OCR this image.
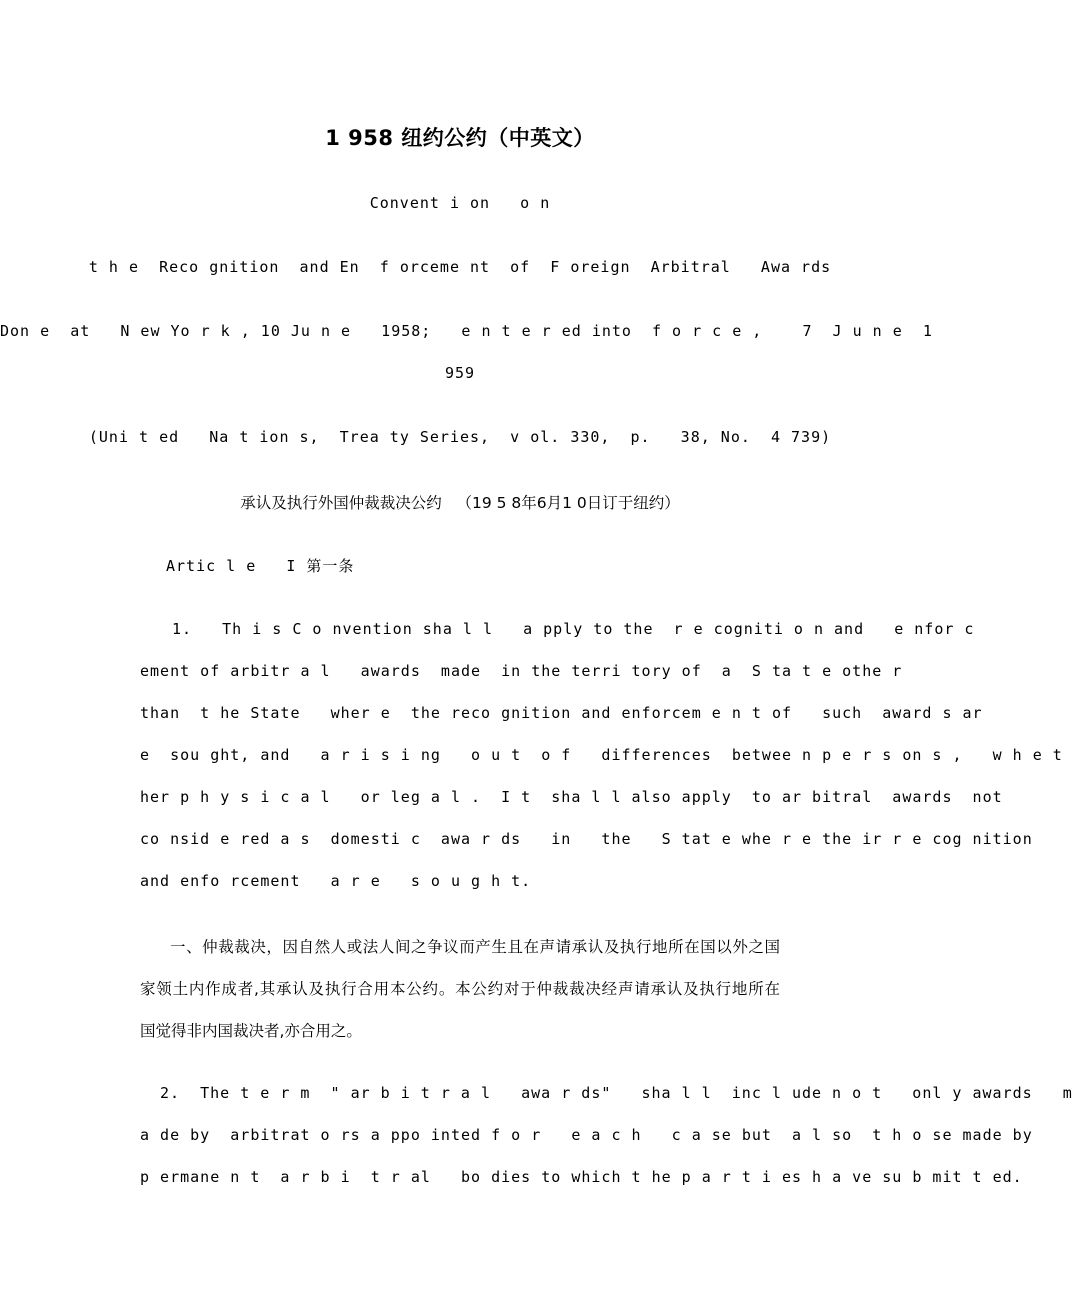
1 958 纽约公约（中英文）
Convent i on   o n
t h e  Reco gnition  and En  f orceme nt  of  F oreign  Arbitral   Awa rds
Don e  at   N ew Yo r k , 10 Ju n e   1958;   e n t e r ed into  f o r c e ,    7  J u n e  1
959
(Uni t ed   Na t ion s,  Trea ty Series,  v ol. 330,  p.   38, No.  4 739)
承认及执行外国仲裁裁决公约   （19 5 8年6月1 0日订于纽约）
Artic l e   I 第一条
1.   Th i s C o nvention sha l l   a pply to the  r e cogniti o n and   e nfor c
ement of arbitr a l   awards  made  in the terri tory of  a  S ta t e othe r
than  t he State   wher e  the reco gnition and enforcem e n t of   such  award s ar
e  sou ght, and   a r i s i ng   o u t  o f   differences  betwee n p e r s on s ,   w h e t
her p h y s i c a l   or leg a l .  I t  sha l l also apply  to ar bitral  awards  not
co nsid e red a s  domesti c  awa r ds   in   the   S tat e whe r e the ir r e cog nition
and enfo rcement   a r e   s o u g h t.
一、仲裁裁决，因自然人或法人间之争议而产生且在声请承认及执行地所在国以外之国
家领土内作成者,其承认及执行合用本公约。本公约对于仲裁裁决经声请承认及执行地所在
国觉得非内国裁决者,亦合用之。
2.  The t e r m  " ar b i t r a l   awa r ds"   sha l l  inc l ude n o t   onl y awards   m
a de by  arbitrat o rs a ppo inted f o r   e a c h   c a se but  a l so  t h o se made by
p ermane n t  a r b i  t r al   bo dies to which t he p a r t i es h a ve su b mit t ed.
